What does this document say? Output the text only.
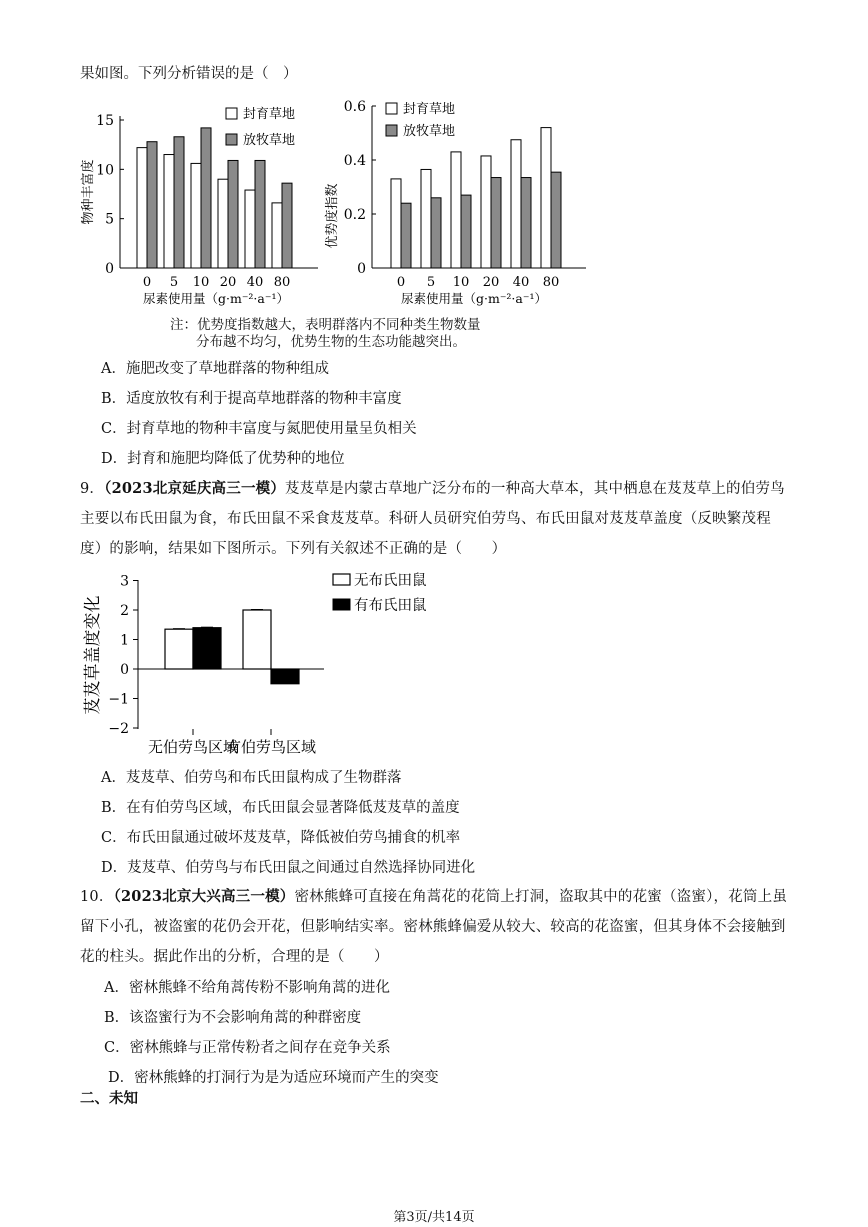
果如图。下列分析错误的是（　）
0
5
10
15
0 5 10 20 40 80
物种丰富度
尿素使用量（g·m⁻²·a⁻¹）
封育草地
放牧草地
0
0.2
0.4
0.6
0 5 10 20 40 80
优势度指数
尿素使用量（g·m⁻²·a⁻¹）
封育草地
放牧草地
注：优势度指数越大，表明群落内不同种类生物数量
分布越不均匀，优势生物的生态功能越突出。
A．施肥改变了草地群落的物种组成
B．适度放牧有利于提高草地群落的物种丰富度
C．封育草地的物种丰富度与氮肥使用量呈负相关
D．封育和施肥均降低了优势种的地位
9．（2023北京延庆高三一模）芨芨草是内蒙古草地广泛分布的一种高大草本，其中栖息在芨芨草上的伯劳鸟主要以布氏田鼠为食，布氏田鼠不采食芨芨草。科研人员研究伯劳鸟、布氏田鼠对芨芨草盖度（反映繁茂程度）的影响，结果如下图所示。下列有关叙述不正确的是（　　）
3
2
1
0
−1
−2
无伯劳鸟区域
有伯劳鸟区域
芨芨草盖度变化
无布氏田鼠
有布氏田鼠
A．芨芨草、伯劳鸟和布氏田鼠构成了生物群落
B．在有伯劳鸟区域，布氏田鼠会显著降低芨芨草的盖度
C．布氏田鼠通过破坏芨芨草，降低被伯劳鸟捕食的机率
D．芨芨草、伯劳鸟与布氏田鼠之间通过自然选择协同进化
10．（2023北京大兴高三一模）密林熊蜂可直接在角蒿花的花筒上打洞，盗取其中的花蜜（盗蜜），花筒上虽留下小孔，被盗蜜的花仍会开花，但影响结实率。密林熊蜂偏爱从较大、较高的花盗蜜，但其身体不会接触到花的柱头。据此作出的分析，合理的是（　　）
A．密林熊蜂不给角蒿传粉不影响角蒿的进化
B．该盗蜜行为不会影响角蒿的种群密度
C．密林熊蜂与正常传粉者之间存在竞争关系
D．密林熊蜂的打洞行为是为适应环境而产生的突变
二、未知
第3页/共14页
